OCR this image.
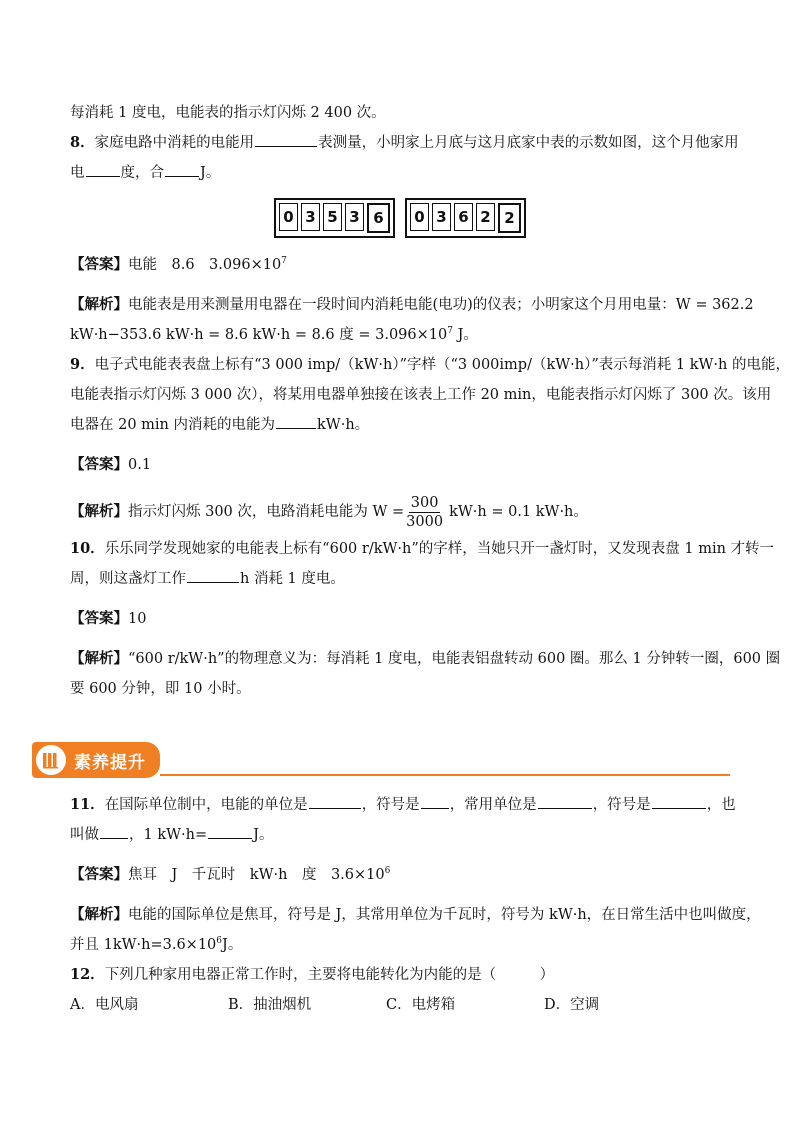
每消耗 1 度电，电能表的指示灯闪烁 2 400 次。
8．家庭电路中消耗的电能用	表测量，小明家上月底与这月底家中表的示数如图，这个月他家用
电 度，合 J。
0 3 5 3 6	0 3 6 2 2
【答案】电能　8.6　$3.096\times 10^7$
【解析】电能表是用来测量用电器在一段时间内消耗电能(电功)的仪表；小明家这个月用电量：W = 362.2
kW·h−353.6 kW·h = 8.6 kW·h = 8.6 度 = $3.096\times 10^7$ J。
9．电子式电能表表盘上标有“3 000 imp/（kW·h）”字样（“3 000imp/（kW·h）”表示每消耗 1 kW·h 的电能，
电能表指示灯闪烁 3 000 次），将某用电器单独接在该表上工作 20 min，电能表指示灯闪烁了 300 次。该用
电器在 20 min 内消耗的电能为	kW·h。
【答案】0.1
【解析】指示灯闪烁 300 次，电路消耗电能为 $W = \frac{300}{3000} kW\cdot h = 0.1$ kW·h。
10．乐乐同学发现她家的电能表上标有“600 r/kW·h”的字样，当她只开一盏灯时，又发现表盘 1 min 才转一
周，则这盏灯工作	h 消耗 1 度电。
【答案】10
【解析】“600 r/kW·h”的物理意义为：每消耗 1 度电，电能表铝盘转动 600 圈。那么 1 分钟转一圈，600 圈
要 600 分钟，即 10 小时。
素养提升
11．在国际单位制中，电能的单位是	，符号是 ，常用单位是	，符号是	，也
叫做 ，1 kW·h=	J。
【答案】焦耳　J　千瓦时　kW·h　度　$3.6\times 10^6$
【解析】电能的国际单位是焦耳，符号是 J，其常用单位为千瓦时，符号为 kW·h，在日常生活中也叫做度，
并且 $1kW\cdot h=3.6\times 10^6J$。
12．下列几种家用电器正常工作时，主要将电能转化为内能的是（　　　）
A．电风扇	B．抽油烟机	C．电烤箱	D．空调
